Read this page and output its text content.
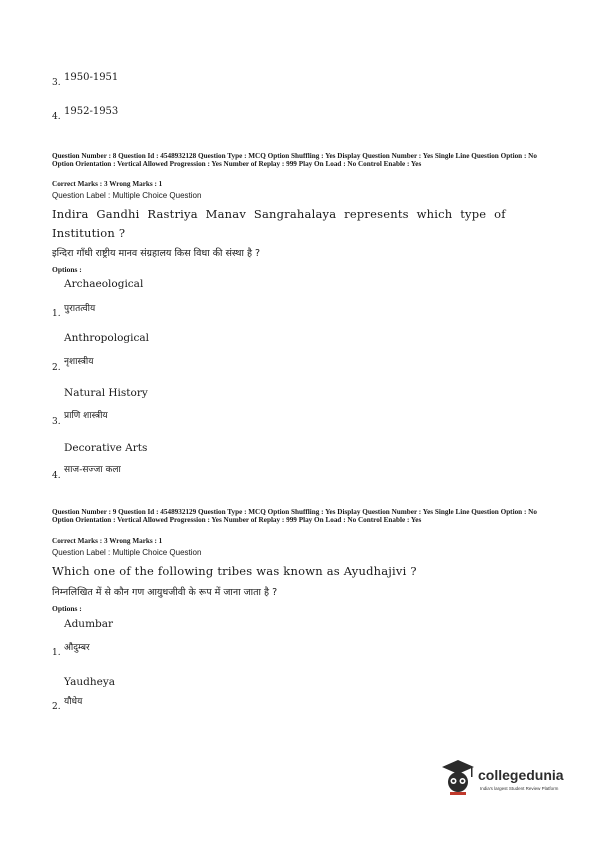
3. 1950-1951
4. 1952-1953
Question Number : 8 Question Id : 4548932128 Question Type : MCQ Option Shuffling : Yes Display Question Number : Yes Single Line Question Option : No Option Orientation : Vertical Allowed Progression : Yes Number of Replay : 999 Play On Load : No Control Enable : Yes
Correct Marks : 3 Wrong Marks : 1
Question Label : Multiple Choice Question
Indira Gandhi Rastriya Manav Sangrahalaya represents which type of
Institution ?
इन्दिरा गाँधी राष्ट्रीय मानव संग्रहालय किस विधा की संस्था है ?
Options :
Archaeological
1. पुरातत्वीय
Anthropological
2.
नृशास्त्रीय
Natural History
3.
प्राणि शास्त्रीय
Decorative Arts
4.
साज-सज्जा कला
Question Number : 9 Question Id : 4548932129 Question Type : MCQ Option Shuffling : Yes Display Question Number : Yes Single Line Question Option : No Option Orientation : Vertical Allowed Progression : Yes Number of Replay : 999 Play On Load : No Control Enable : Yes
Correct Marks : 3 Wrong Marks : 1
Question Label : Multiple Choice Question
Which one of the following tribes was known as Ayudhajivi ?
निम्नलिखित में से कौन गण आयुधजीवी के रूप में जाना जाता है ?
Options :
Adumbar
1. औदुम्बर
Yaudheya
2. यौधेय
collegedunia
India's largest Student Review Platform
